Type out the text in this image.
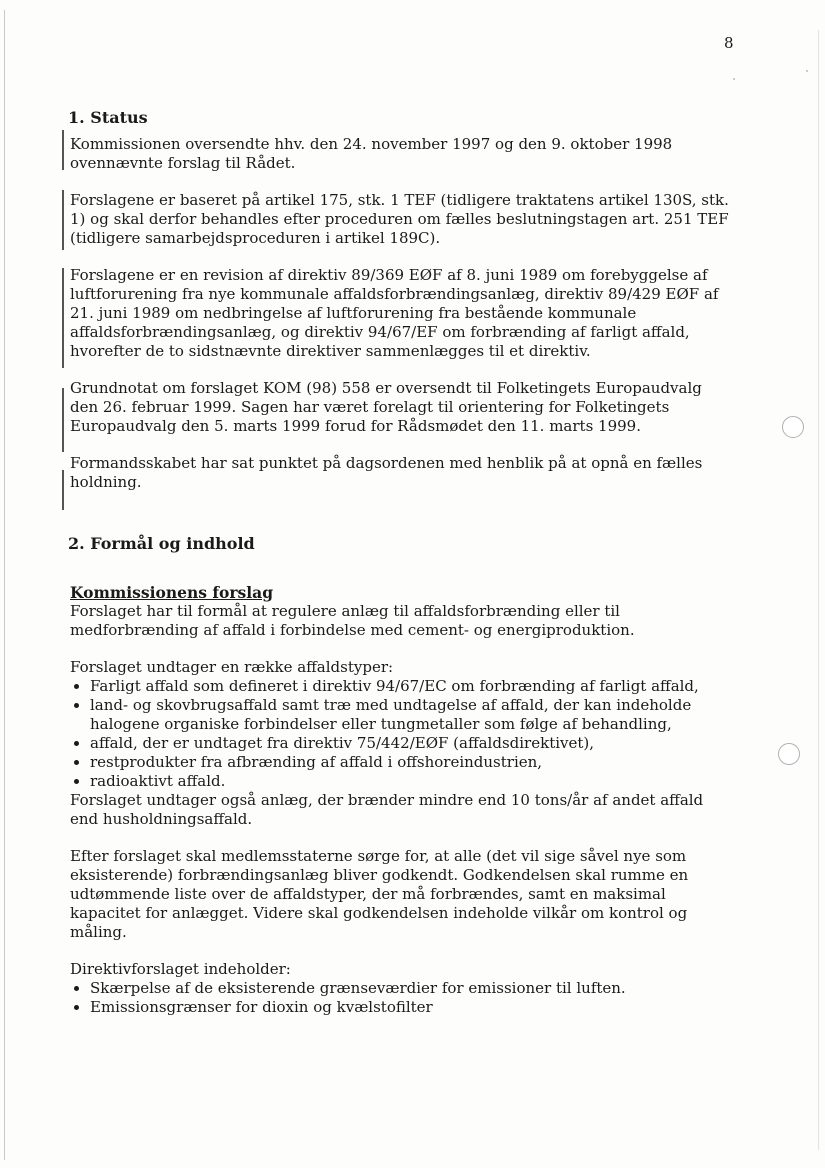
8
1. Status

Kommissionen oversendte hhv. den 24. november 1997 og den 9. oktober 1998 ovennævnte forslag til Rådet.

Forslagene er baseret på artikel 175, stk. 1 TEF (tidligere traktatens artikel 130S, stk. 1) og skal derfor behandles efter proceduren om fælles beslutningstagen art. 251 TEF (tidligere samarbejdsproceduren i artikel 189C).

Forslagene er en revision af direktiv 89/369 EØF af 8. juni 1989 om forebyggelse af luftforurening fra nye kommunale affaldsforbrændingsanlæg, direktiv 89/429 EØF af 21. juni 1989 om nedbringelse af luftforurening fra bestående kommunale affaldsforbrændingsanlæg, og direktiv 94/67/EF om forbrænding af farligt affald, hvorefter de to sidstnævnte direktiver sammenlægges til et direktiv.

Grundnotat om forslaget KOM (98) 558 er oversendt til Folketingets Europaudvalg den 26. februar 1999. Sagen har været forelagt til orientering for Folketingets Europaudvalg den 5. marts 1999 forud for Rådsmødet den 11. marts 1999.

Formandsskabet har sat punktet på dagsordenen med henblik på at opnå en fælles holdning.

2. Formål og indhold
Kommissionens forslag

Forslaget har til formål at regulere anlæg til affaldsforbrænding eller til medforbrænding af affald i forbindelse med cement- og energiproduktion.

Forslaget undtager en række affaldstyper:
• Farligt affald som defineret i direktiv 94/67/EC om forbrænding af farligt affald,
• land- og skovbrugsaffald samt træ med undtagelse af affald, der kan indeholde halogene organiske forbindelser eller tungmetaller som følge af behandling,
• affald, der er undtaget fra direktiv 75/442/EØF (affaldsdirektivet),
• restprodukter fra afbrænding af affald i offshoreindustrien,
• radioaktivt affald.
Forslaget undtager også anlæg, der brænder mindre end 10 tons/år af andet affald end husholdningsaffald.

Efter forslaget skal medlemsstaterne sørge for, at alle (det vil sige såvel nye som eksisterende) forbrændingsanlæg bliver godkendt. Godkendelsen skal rumme en udtømmende liste over de affaldstyper, der må forbrændes, samt en maksimal kapacitet for anlægget. Videre skal godkendelsen indeholde vilkår om kontrol og måling.

Direktivforslaget indeholder:
• Skærpelse af de eksisterende grænseværdier for emissioner til luften.
• Emissionsgrænser for dioxin og kvælstofilter
